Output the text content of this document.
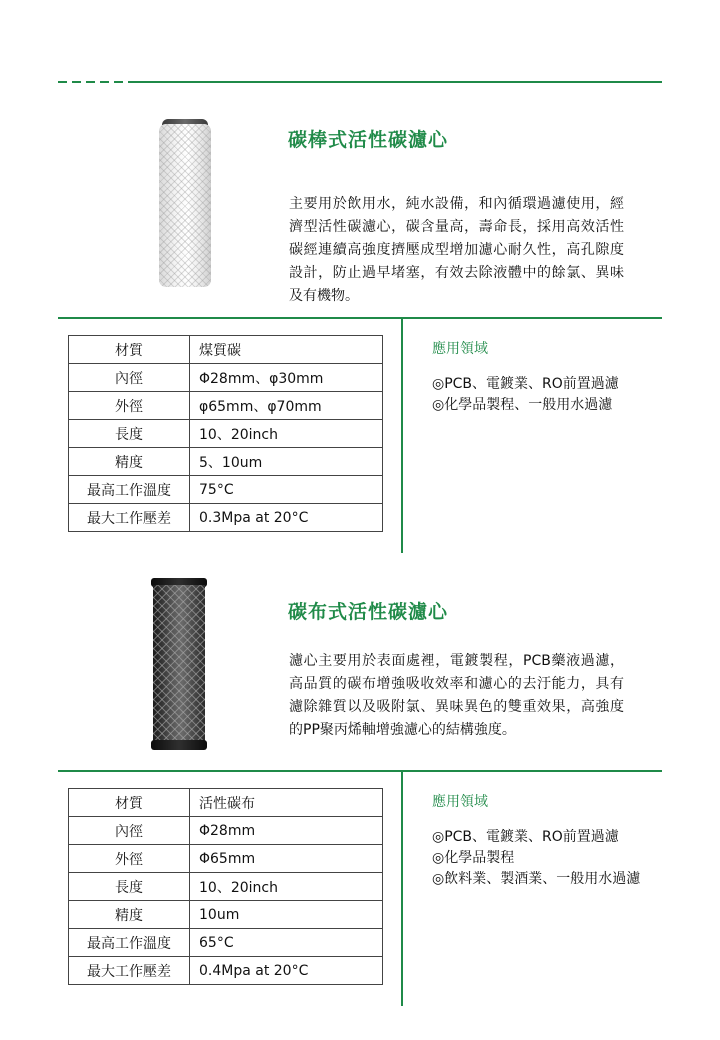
碳棒式活性碳濾心

主要用於飲用水，純水設備，和內循環過濾使用，經濟型活性碳濾心，碳含量高，壽命長，採用高效活性碳經連續高強度擠壓成型增加濾心耐久性，高孔隙度設計，防止過早堵塞，有效去除液體中的餘氯、異味及有機物。

材質	煤質碳
內徑	Φ28mm、φ30mm
外徑	φ65mm、φ70mm
長度	10、20inch
精度	5、10um
最高工作溫度	75°C
最大工作壓差	0.3Mpa at 20°C
應用領域
◎PCB、電鍍業、RO前置過濾
◎化學品製程、一般用水過濾
碳布式活性碳濾心

濾心主要用於表面處裡，電鍍製程，PCB藥液過濾，高品質的碳布增強吸收效率和濾心的去汙能力，具有濾除雜質以及吸附氯、異味異色的雙重效果，高強度的PP聚丙烯軸增強濾心的結構強度。

材質	活性碳布
內徑	Φ28mm
外徑	Φ65mm
長度	10、20inch
精度	10um
最高工作溫度	65°C
最大工作壓差	0.4Mpa at 20°C
應用領域
◎PCB、電鍍業、RO前置過濾
◎化學品製程
◎飲料業、製酒業、一般用水過濾
